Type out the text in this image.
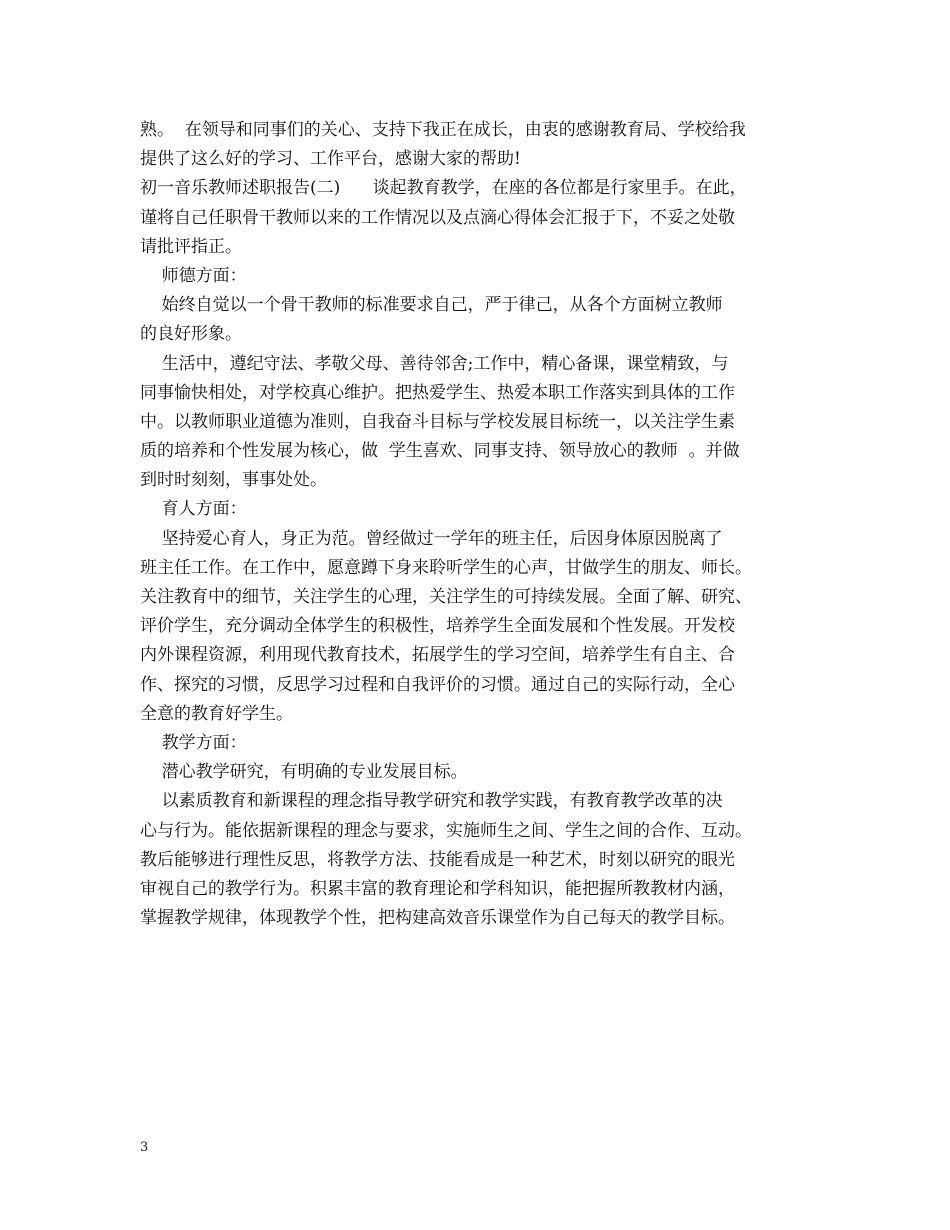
熟。  在领导和同事们的关心、支持下我正在成长，由衷的感谢教育局、学校给我
提供了这么好的学习、工作平台，感谢大家的帮助!
初一音乐教师述职报告(二)      谈起教育教学，在座的各位都是行家里手。在此，
谨将自己任职骨干教师以来的工作情况以及点滴心得体会汇报于下，不妥之处敬
请批评指正。
师德方面：
始终自觉以一个骨干教师的标准要求自己，严于律己，从各个方面树立教师
的良好形象。
生活中，遵纪守法、孝敬父母、善待邻舍;工作中，精心备课，课堂精致，与
同事愉快相处，对学校真心维护。把热爱学生、热爱本职工作落实到具体的工作
中。以教师职业道德为准则，自我奋斗目标与学校发展目标统一，以关注学生素
质的培养和个性发展为核心，做  学生喜欢、同事支持、领导放心的教师  。并做
到时时刻刻，事事处处。
育人方面：
坚持爱心育人，身正为范。曾经做过一学年的班主任，后因身体原因脱离了
班主任工作。在工作中，愿意蹲下身来聆听学生的心声，甘做学生的朋友、师长。
关注教育中的细节，关注学生的心理，关注学生的可持续发展。全面了解、研究、
评价学生，充分调动全体学生的积极性，培养学生全面发展和个性发展。开发校
内外课程资源，利用现代教育技术，拓展学生的学习空间，培养学生有自主、合
作、探究的习惯，反思学习过程和自我评价的习惯。通过自己的实际行动，全心
全意的教育好学生。
教学方面：
潜心教学研究，有明确的专业发展目标。
以素质教育和新课程的理念指导教学研究和教学实践，有教育教学改革的决
心与行为。能依据新课程的理念与要求，实施师生之间、学生之间的合作、互动。
教后能够进行理性反思，将教学方法、技能看成是一种艺术，时刻以研究的眼光
审视自己的教学行为。积累丰富的教育理论和学科知识，能把握所教教材内涵，
掌握教学规律，体现教学个性，把构建高效音乐课堂作为自己每天的教学目标。
3
